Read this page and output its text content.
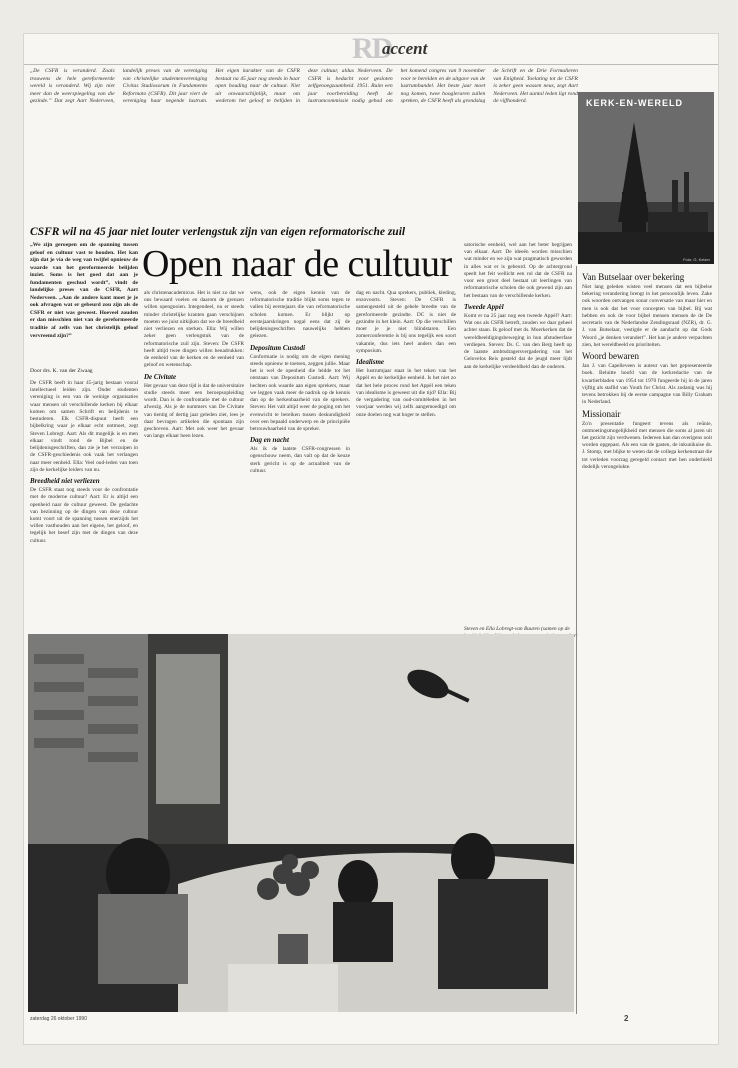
RD
accent
„De CSFR is veranderd. Zoals trouwens de hele gereformeerde wereld is veranderd. Wij zijn niet meer dan de weerspiegeling van die gezinde.” Dat zegt Aart Nederveen, landelijk preses van de vereniging van christelijke studentenvereniging Civitas Studiosorum in Fundamento Reformato (CSFR). Dit jaar viert de vereniging haar negende lustrum. Het eigen karakter van de CSFR bestaat na 45 jaar nog steeds in haar open houding naar de cultuur. Niet uit onwaarschijnlijk, maar om wederom het geloof te belijden in deze cultuur, aldus Nederveen. De CSFR is bedacht voor gesloten zelfgenoegzaamheid. 1951. Ruim een jaar voorbereiding heeft de lustrumcommissie nodig gehad om het komend congres van 9 november voor te bereiden en de uitgave van de lustrumbundel. Het beste jaar moet nog komen, twee hoogleraren zullen spreken, de CSFR heeft als grondslag de Schrift en de Drie Formulieren van Enigheid. Toelating tot de CSFR is zeker geen wassen neus, zegt Aart Nederveen. Het aantal leden ligt rond de vijfhonderd.	KERK-EN-WERELD
Foto: G. Keizer
CSFR wil na 45 jaar niet louter verlengstuk zijn van eigen reformatorische zuil
„We zijn geroepen om de spanning tussen geloof en cultuur vast te houden. Het kan zijn dat je via de weg van twijfel opnieuw de waarde van het gereformeerde belijden inziet. Soms is het goed dat aan je fundamenten geschud wordt”, vindt de landelijke preses van de CSFR, Aart Nederveen. „Aan de andere kant moet je je ook afvragen wat er gebeurd zou zijn als de CSFR er niet was geweest. Hoeveel zouden er dan misschien niet van de gereformeerde traditie af zelfs van het christelijk geloof vervreemd zijn?”
Door drs. K. van der Zwaag
Open naar de cultuur

De CSFR heeft in haar 45-jarig bestaan vooral intellectueel leiden zijn. Onder studenten vereniging is een van de weinige organisaties waar mensen uit verschillende kerken bij elkaar komen om samen Schrift en belijdenis te bestuderen. Elk CSFR-dispuut heeft een bijbelkring waar je elkaar echt ontmoet, zegt Steven Lobregt. Aart: Als dit mogelijk is en men elkaar vindt rond de Bijbel en de belijdenisgeschriften, dan zie je het verzuipen in de CSFR-geschiedenis ook vaak het verlangen naar meer eenheid. Ella: Veel oud-leden van toen zijn de kerkelijke leiders van nu.

Breedheid niet verliezen

De CSFR staat nog steeds voor de confrontatie met de moderne cultuur? Aart: Er is altijd een openheid naar de cultuur geweest. De gedachte van bezinning op de dingen van deze cultuur komt voort uit de spanning tussen enerzijds het willen vasthouden aan het eigene, het geloof, en tegelijk het besef zijn met de dingen van deze cultuur.

als christenacademicus. Het is niet zo dat we ons bewaard voelen en daarom de grenzen willen opengooien. Integendeel, nu er steeds minder christelijke kranten gaan verschijnen moeten we juist uitkijken dat we de breedheid niet verliezen en sterken. Ella: Wij willen zeker geen verlengstuk van de reformatorische zuil zijn. Steven: De CSFR heeft altijd twee dingen willen benadrukken: de eenheid van de kerken en de eenheid van geloof en wetenschap.

De Civitate

Het gevaar van deze tijd is dat de universitaire studie steeds meer een beroepsopleiding wordt. Dan is de confrontatie met de cultuur afwezig. Als je de nummers van De Civitate van tientig of dertig jaar geleden ziet, lees je daar bevragen artikelen die spontaan zijn geschreven. Aart: Met ook weer het gevaar van langs elkaar heen lezen.

wens, ook de eigen kennis van de reformatorische traditie blijkt soms tegen te vallen bij eerstejaars die van reformatorische scholen komen. Er blijkt op eerstejaarskringen nogal eens dat zij de belijdenisgeschriften nauwelijks hebben gelezen.

Depositum Custodi

Conformatie is nodig om de eigen mening steeds opnieuw te toetsen, zeggen jullie. Maar het is wel de openheid die leidde tot het ontstaan van Depositum Custodi. Aart: Wij hechten ook waarde aan eigen sprekers, maar we leggen vaak meer de nadruk op de kennis dan op de herkenbaarheid van de sprekers. Steven: Het valt altijd weer de poging om het evenwicht te bereiken tussen deskundigheid over een bepaald onderwerp en de principiële betrouwbaarheid van de spreker.

Dag en nacht

Als ik de laatste CSFR-congressen in ogenschouw neem, dan valt op dat de keuze sterk gericht is op de actualiteit van de cultuur.

dag en nacht. Qua sprekers, publiek, kleding, enzovoorts. Steven: De CSFR is samengesteld uit de gehele breedte van de gereformeerde gezindte. DC is niet de gezindte in het klein. Aart: Op die verschillen moet je je niet blindstaren. Een zomerconferentie is bij ons tegelijk een soort vakantie, dus iets heel anders dan een symposium.

Idealisme

Het lustrumjaar staat in het teken van het Appèl en de kerkelijke eenheid. Is het niet zo dat het hele proces rond het Appèl een teken van idealisme is geweest uit die tijd? Ella: Bij de vergadering van oud-comitéleden in het voorjaar werden wij zelfs aangemoedigd om onze doelen nog wat hoger te stellen.

satorische eenheid, wel aan het beter begrijpen van elkaar. Aart: De ideeën worden misschien wat minder en we zijn wat pragmatisch geworden in alles wat er is gebeurd. Op de achtergrond speelt het feit wellicht een rol dat de CSFR na voor een groot deel bestaat uit leerlingen van reformatorische scholen die ook gewend zijn aan het bestaan van de verschillende kerken.

Tweede Appèl

Komt er na 25 jaar nog een tweede Appèl? Aart: Wat ons als CSFR betreft, zouden we daar geheel achter staan. Ik geloof met ds. Moerkerken dat de wereldbeeldigingsbeweging in hun afstudeerfase verdiepen. Steven: Ds. C. van den Berg heeft op de laatste ambtsdragersvergadering van het Gelovelos Reis gesteld dat de jeugd meer lijdt aan de kerkelijke verdeeldheid dan de ouderen.

Steven en Ella Lobregt-van Buuren (samen op de
Van Butselaar over bekering

Niet lang geleden wisten veel mensen dat een bijbelse bekering verandering brengt in het persoonlijk leven. Zake ook woorden ontvangen sonar conversatie van maar hier en men is ook dat het voor concepten van bijbel. Bij wat hebben en ook de voor bijbel mensen mensen de de De secretaris van de Nederlandse Zendingsraad (NZR), dr. G. J. van Butselaar, vestigde er de aandacht op dat Gods Woord „je denken verandert”. Het kan je andere verpachten zien, het wereldbeeld en prioriteiten.

Woord bewaren

Jan J. van Capelleveen is auteur van het gepresenteerde boek. Beluitte hoofd van de kerkredactie van de kwartierbladen van 1954 tot 1970 fungeerde hij in de jaren vijftig als staflid van Youth for Christ. Als zodanig was hij tevens betrokken bij de eerste campagne van Billy Graham in Nederland.

Missionair

Zo'n presentatie fungeert tevens als reünie, ontmoetingsmogelijkheid met mensen die soms al jaren uit het gezicht zijn verdwenen. Iedereen kan dan overigens ooit worden opgepast. Als een van de gasten, de inkunikuise ds. J. Stomp, met blijke te weten dat de collega kerkenstraat die tot verleden voorzag geregeld contact met hen onderhield dodelijk verongelukte.

zaterdag 26 oktober 1990	2
